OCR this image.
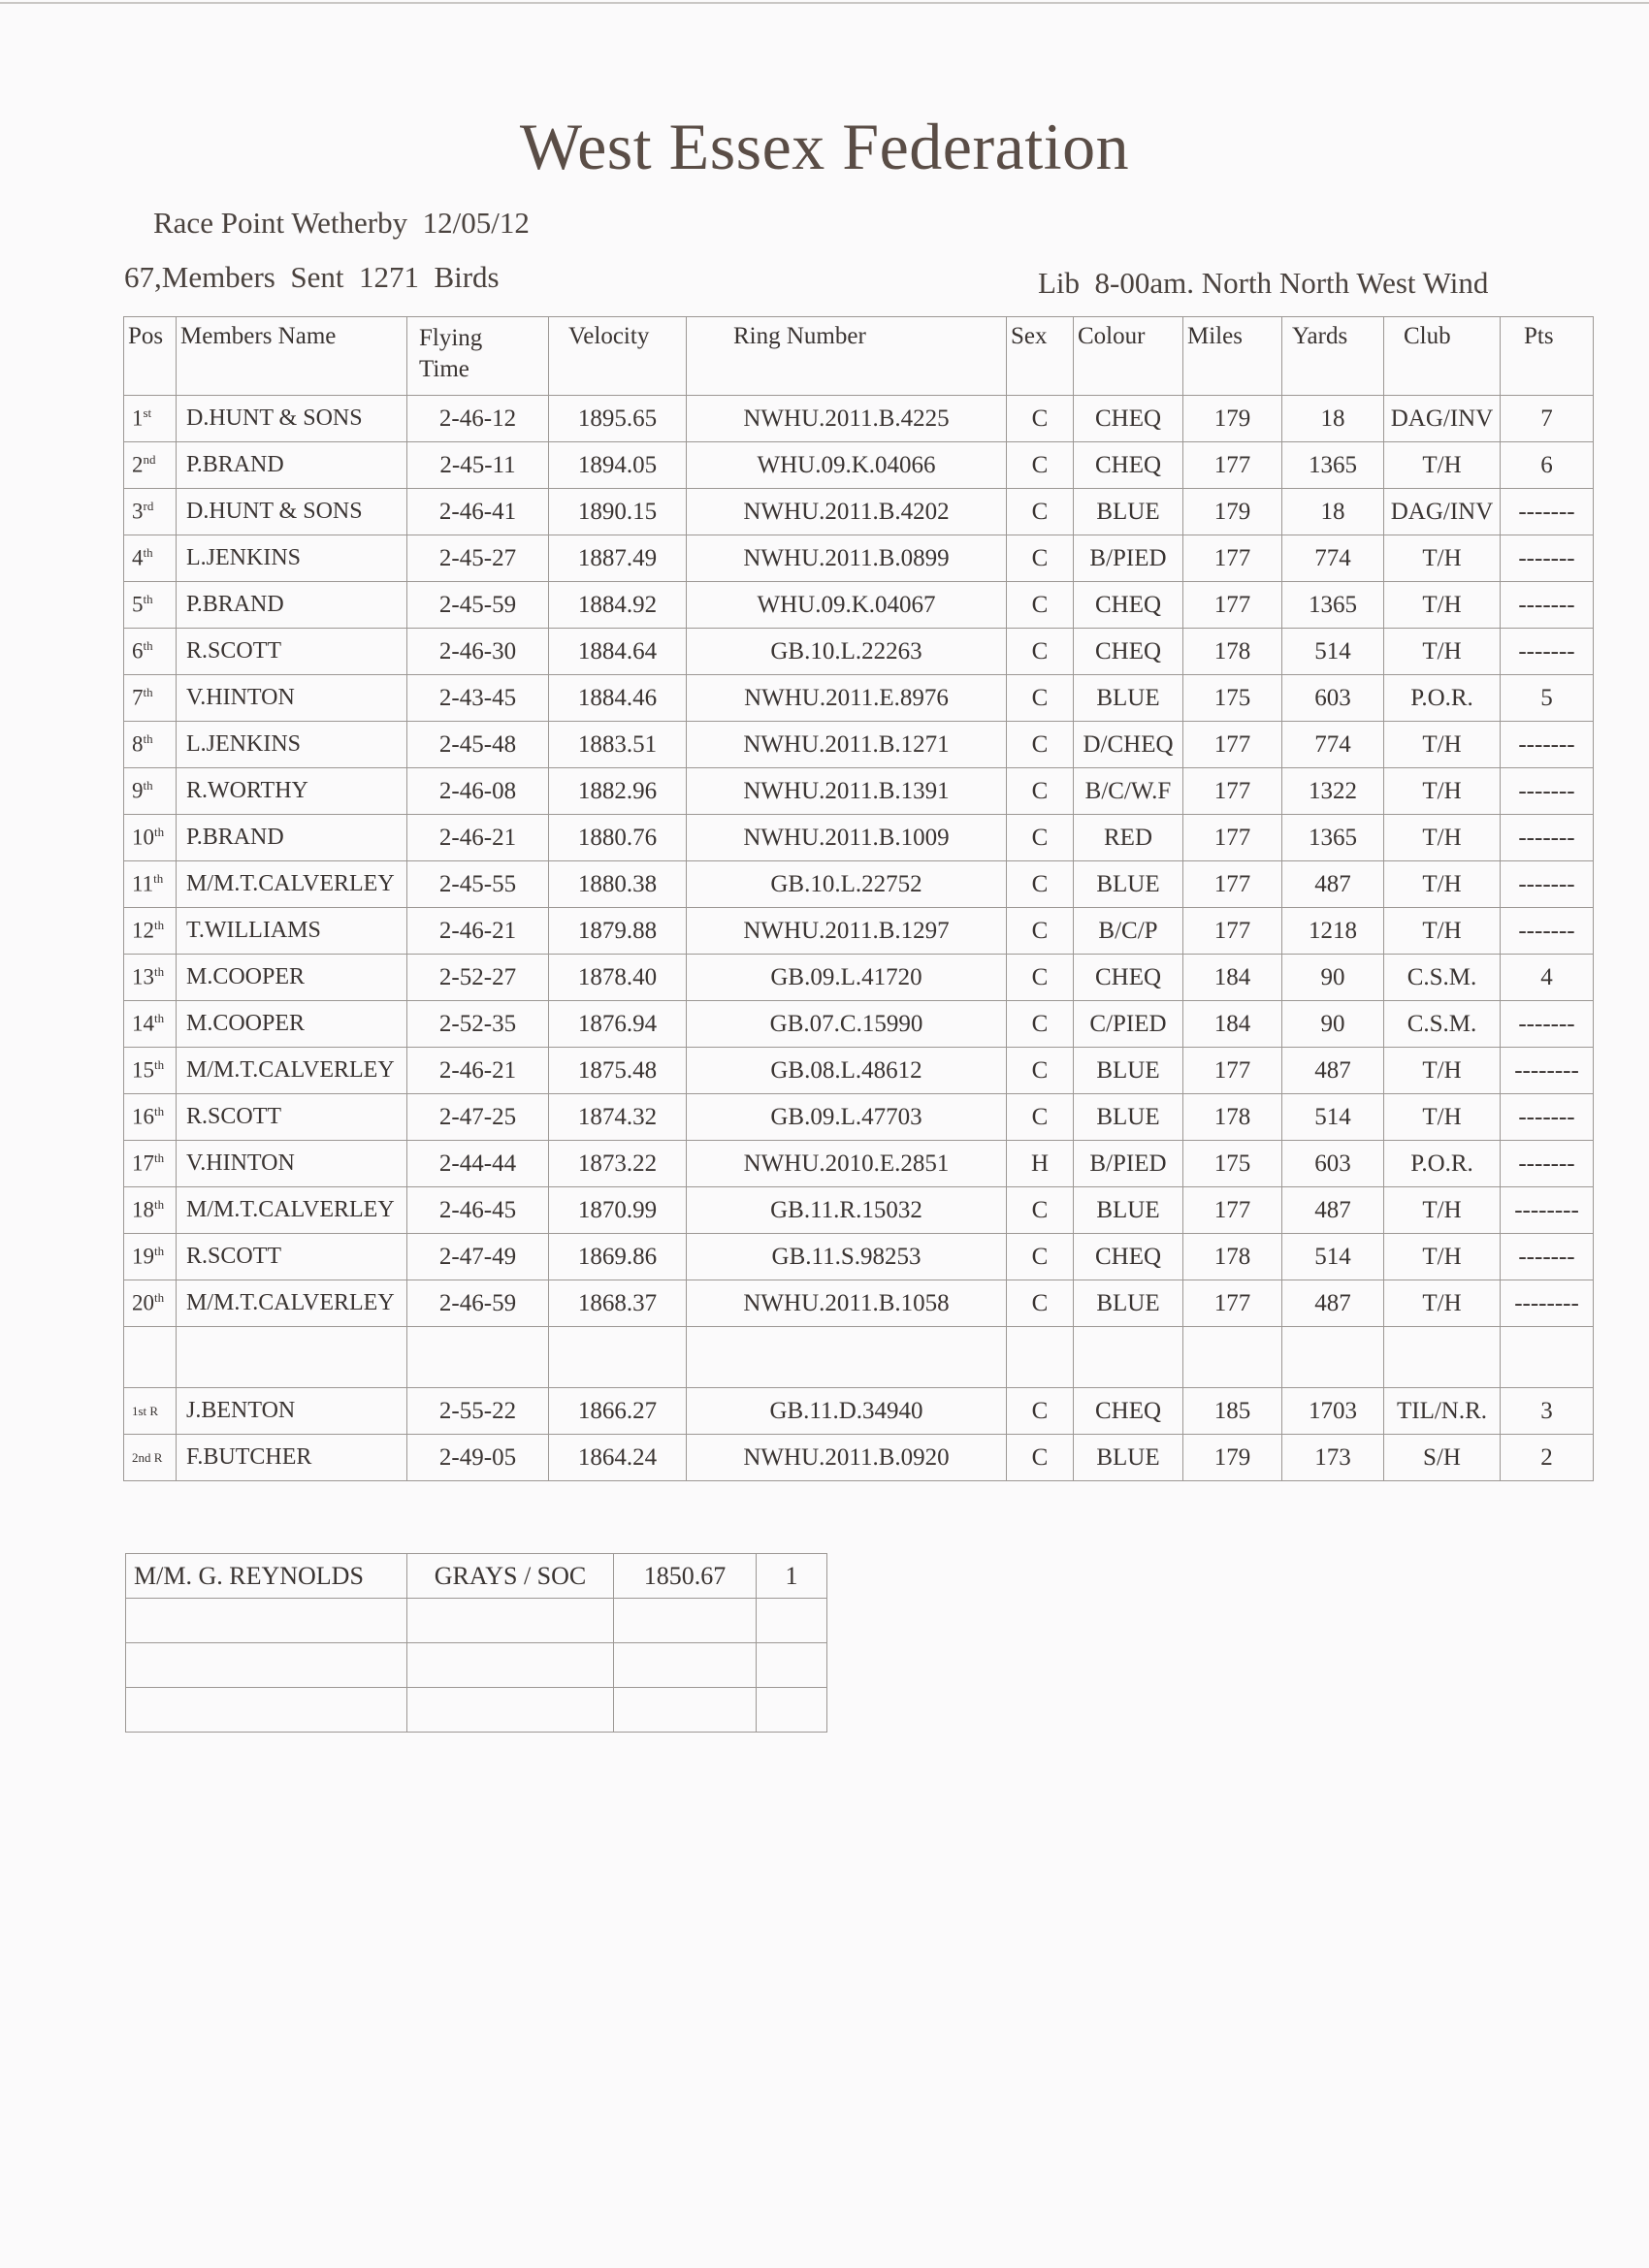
West Essex Federation
Race Point Wetherby  12/05/12
67,Members  Sent  1271  Birds	Lib  8-00am. North North West Wind
Pos	Members Name	Flying Time	Velocity	Ring Number	Sex	Colour	Miles	Yards	Club	Pts
1st	D.HUNT & SONS	2-46-12	1895.65	NWHU.2011.B.4225	C	CHEQ	179	18	DAG/INV	7
2nd	P.BRAND	2-45-11	1894.05	WHU.09.K.04066	C	CHEQ	177	1365	T/H	6
3rd	D.HUNT & SONS	2-46-41	1890.15	NWHU.2011.B.4202	C	BLUE	179	18	DAG/INV	-------
4th	L.JENKINS	2-45-27	1887.49	NWHU.2011.B.0899	C	B/PIED	177	774	T/H	-------
5th	P.BRAND	2-45-59	1884.92	WHU.09.K.04067	C	CHEQ	177	1365	T/H	-------
6th	R.SCOTT	2-46-30	1884.64	GB.10.L.22263	C	CHEQ	178	514	T/H	-------
7th	V.HINTON	2-43-45	1884.46	NWHU.2011.E.8976	C	BLUE	175	603	P.O.R.	5
8th	L.JENKINS	2-45-48	1883.51	NWHU.2011.B.1271	C	D/CHEQ	177	774	T/H	-------
9th	R.WORTHY	2-46-08	1882.96	NWHU.2011.B.1391	C	B/C/W.F	177	1322	T/H	-------
10th	P.BRAND	2-46-21	1880.76	NWHU.2011.B.1009	C	RED	177	1365	T/H	-------
11th	M/M.T.CALVERLEY	2-45-55	1880.38	GB.10.L.22752	C	BLUE	177	487	T/H	-------
12th	T.WILLIAMS	2-46-21	1879.88	NWHU.2011.B.1297	C	B/C/P	177	1218	T/H	-------
13th	M.COOPER	2-52-27	1878.40	GB.09.L.41720	C	CHEQ	184	90	C.S.M.	4
14th	M.COOPER	2-52-35	1876.94	GB.07.C.15990	C	C/PIED	184	90	C.S.M.	-------
15th	M/M.T.CALVERLEY	2-46-21	1875.48	GB.08.L.48612	C	BLUE	177	487	T/H	--------
16th	R.SCOTT	2-47-25	1874.32	GB.09.L.47703	C	BLUE	178	514	T/H	-------
17th	V.HINTON	2-44-44	1873.22	NWHU.2010.E.2851	H	B/PIED	175	603	P.O.R.	-------
18th	M/M.T.CALVERLEY	2-46-45	1870.99	GB.11.R.15032	C	BLUE	177	487	T/H	--------
19th	R.SCOTT	2-47-49	1869.86	GB.11.S.98253	C	CHEQ	178	514	T/H	-------
20th	M/M.T.CALVERLEY	2-46-59	1868.37	NWHU.2011.B.1058	C	BLUE	177	487	T/H	--------

1st R	J.BENTON	2-55-22	1866.27	GB.11.D.34940	C	CHEQ	185	1703	TIL/N.R.	3
2nd R	F.BUTCHER	2-49-05	1864.24	NWHU.2011.B.0920	C	BLUE	179	173	S/H	2
M/M. G. REYNOLDS	GRAYS / SOC	1850.67	1
